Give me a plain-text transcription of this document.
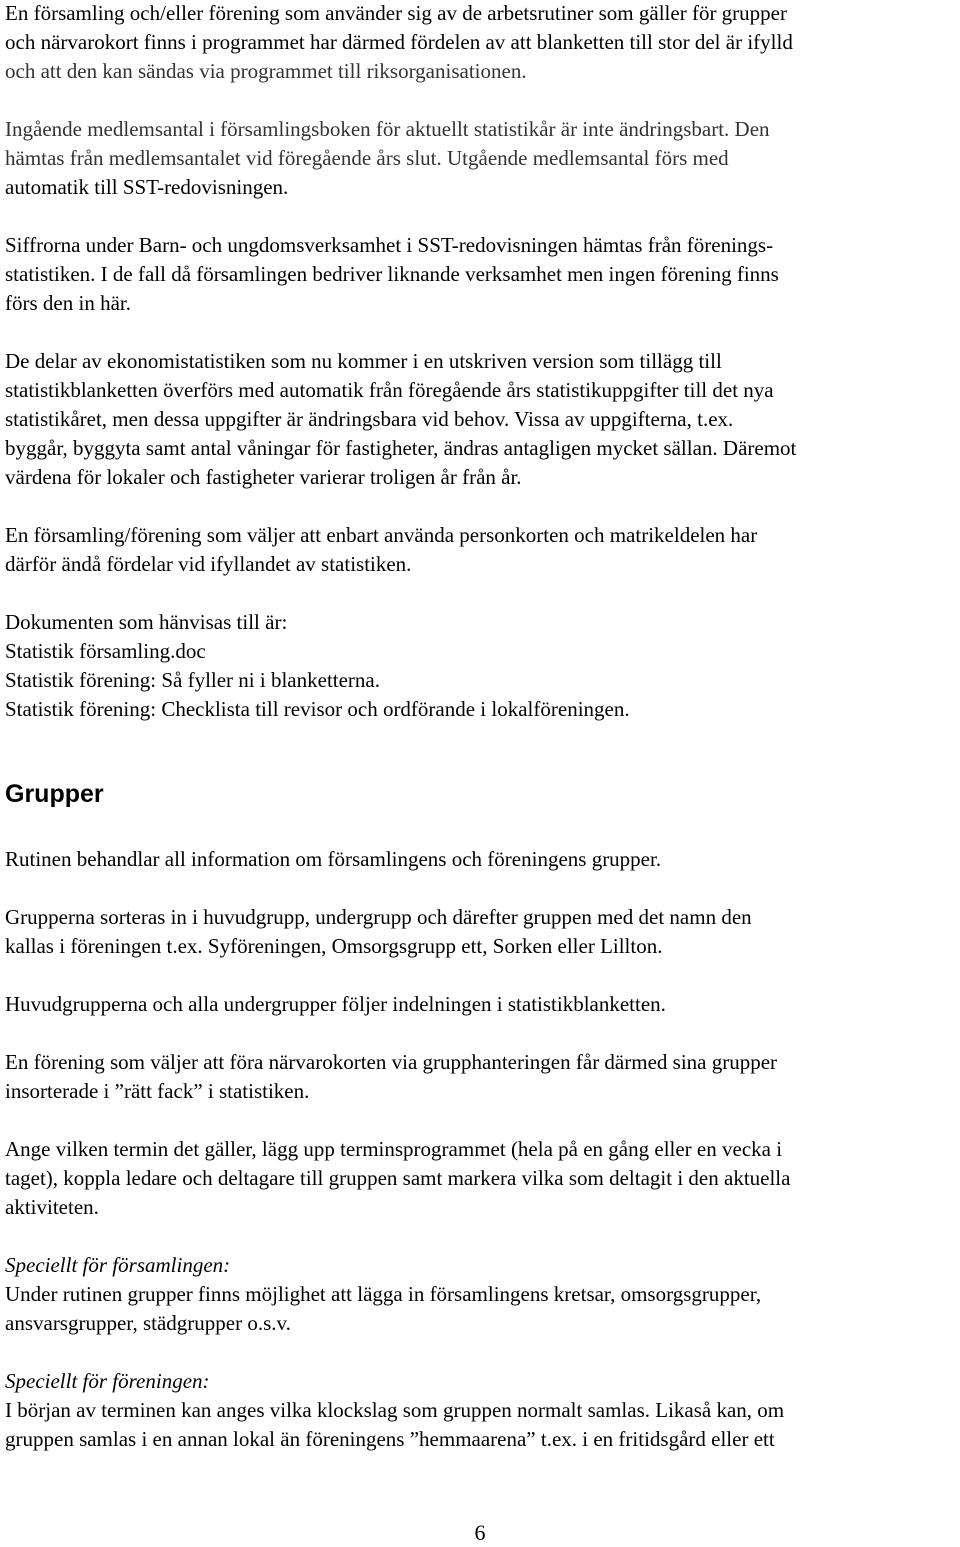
En församling och/eller förening som använder sig av de arbetsrutiner som gäller för grupper
och närvarokort finns i programmet har därmed fördelen av att blanketten till stor del är ifylld
och att den kan sändas via programmet till riksorganisationen.

Ingående medlemsantal i församlingsboken för aktuellt statistikår är inte ändringsbart. Den
hämtas från medlemsantalet vid föregående års slut. Utgående medlemsantal förs med
automatik till SST-redovisningen.

Siffrorna under Barn- och ungdomsverksamhet i SST-redovisningen hämtas från förenings-
statistiken. I de fall då församlingen bedriver liknande verksamhet men ingen förening finns
förs den in här.

De delar av ekonomistatistiken som nu kommer i en utskriven version som tillägg till
statistikblanketten överförs med automatik från föregående års statistikuppgifter till det nya
statistikåret, men dessa uppgifter är ändringsbara vid behov. Vissa av uppgifterna, t.ex.
byggår, byggyta samt antal våningar för fastigheter, ändras antagligen mycket sällan. Däremot
värdena för lokaler och fastigheter varierar troligen år från år.

En församling/förening som väljer att enbart använda personkorten och matrikeldelen har
därför ändå fördelar vid ifyllandet av statistiken.

Dokumenten som hänvisas till är:
Statistik församling.doc
Statistik förening: Så fyller ni i blanketterna.
Statistik förening: Checklista till revisor och ordförande i lokalföreningen.

Grupper

Rutinen behandlar all information om församlingens och föreningens grupper.

Grupperna sorteras in i huvudgrupp, undergrupp och därefter gruppen med det namn den
kallas i föreningen t.ex. Syföreningen, Omsorgsgrupp ett, Sorken eller Lillton.

Huvudgrupperna och alla undergrupper följer indelningen i statistikblanketten.

En förening som väljer att föra närvarokorten via grupphanteringen får därmed sina grupper
insorterade i ”rätt fack” i statistiken.

Ange vilken termin det gäller, lägg upp terminsprogrammet (hela på en gång eller en vecka i
taget), koppla ledare och deltagare till gruppen samt markera vilka som deltagit i den aktuella
aktiviteten.

Speciellt för församlingen:
Under rutinen grupper finns möjlighet att lägga in församlingens kretsar, omsorgsgrupper,
ansvarsgrupper, städgrupper o.s.v.

Speciellt för föreningen:
I början av terminen kan anges vilka klockslag som gruppen normalt samlas. Likaså kan, om
gruppen samlas i en annan lokal än föreningens ”hemmaarena” t.ex. i en fritidsgård eller ett

6
